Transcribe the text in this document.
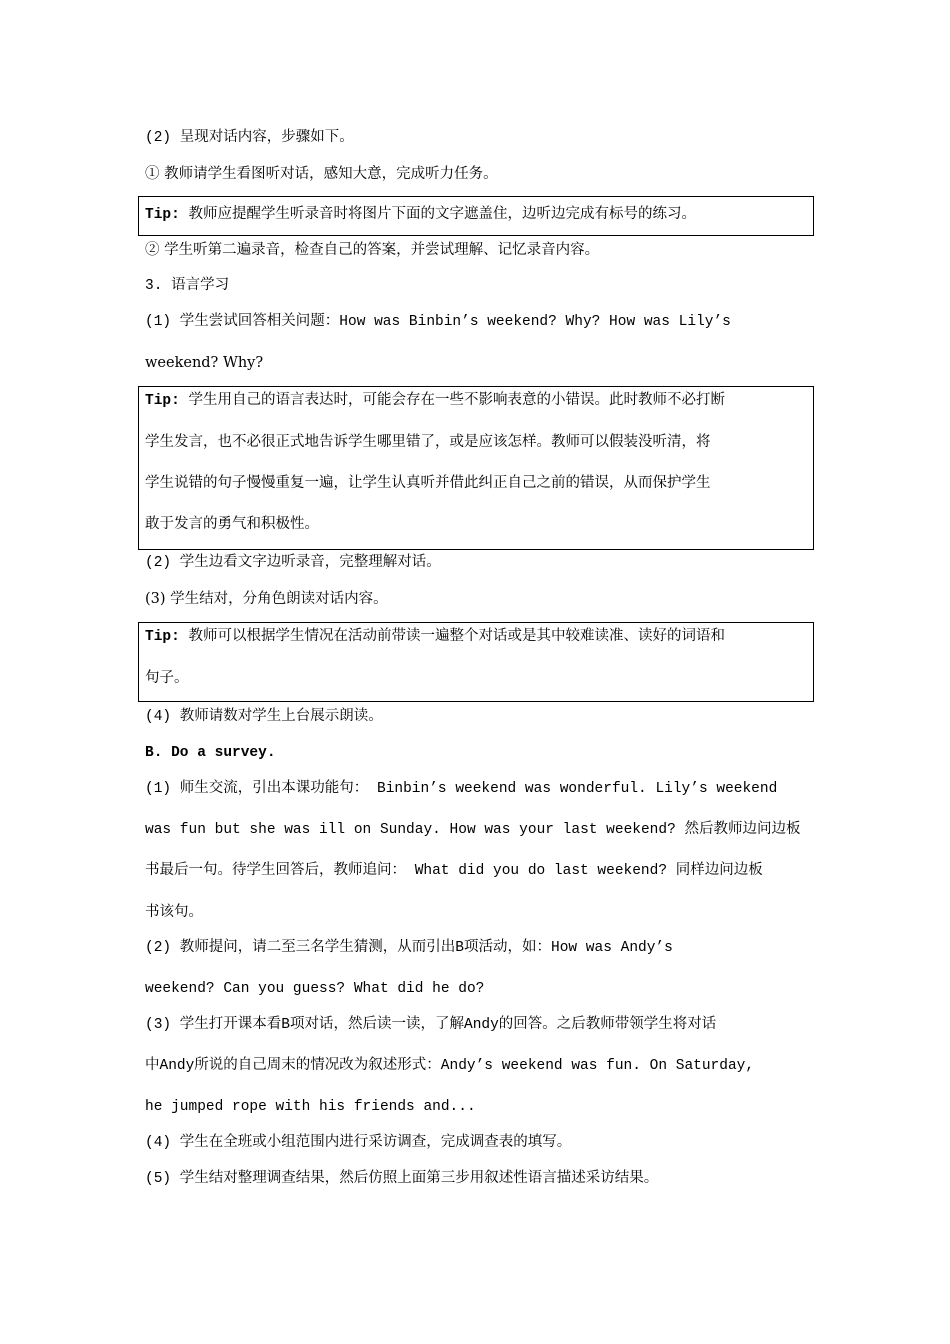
(2) 呈现对话内容，步骤如下。
① 教师请学生看图听对话，感知大意，完成听力任务。
Tip: 教师应提醒学生听录音时将图片下面的文字遮盖住，边听边完成有标号的练习。
② 学生听第二遍录音，检查自己的答案，并尝试理解、记忆录音内容。
3. 语言学习
(1) 学生尝试回答相关问题：How was Binbin’s weekend? Why? How was Lily’s
weekend? Why?
Tip: 学生用自己的语言表达时，可能会存在一些不影响表意的小错误。此时教师不必打断
学生发言，也不必很正式地告诉学生哪里错了，或是应该怎样。教师可以假装没听清，将
学生说错的句子慢慢重复一遍，让学生认真听并借此纠正自己之前的错误，从而保护学生
敢于发言的勇气和积极性。
(2) 学生边看文字边听录音，完整理解对话。
(3) 学生结对，分角色朗读对话内容。
Tip: 教师可以根据学生情况在活动前带读一遍整个对话或是其中较难读准、读好的词语和
句子。
(4) 教师请数对学生上台展示朗读。
B. Do a survey.
(1) 师生交流，引出本课功能句： Binbin’s weekend was wonderful. Lily’s weekend
was fun but she was ill on Sunday. How was your last weekend? 然后教师边问边板
书最后一句。待学生回答后，教师追问： What did you do last weekend? 同样边问边板
书该句。
(2) 教师提问，请二至三名学生猜测，从而引出B项活动，如：How was Andy’s
weekend? Can you guess? What did he do?
(3) 学生打开课本看B项对话，然后读一读，了解Andy的回答。之后教师带领学生将对话
中Andy所说的自己周末的情况改为叙述形式：Andy’s weekend was fun. On Saturday,
he jumped rope with his friends and...
(4) 学生在全班或小组范围内进行采访调查，完成调查表的填写。
(5) 学生结对整理调查结果，然后仿照上面第三步用叙述性语言描述采访结果。
